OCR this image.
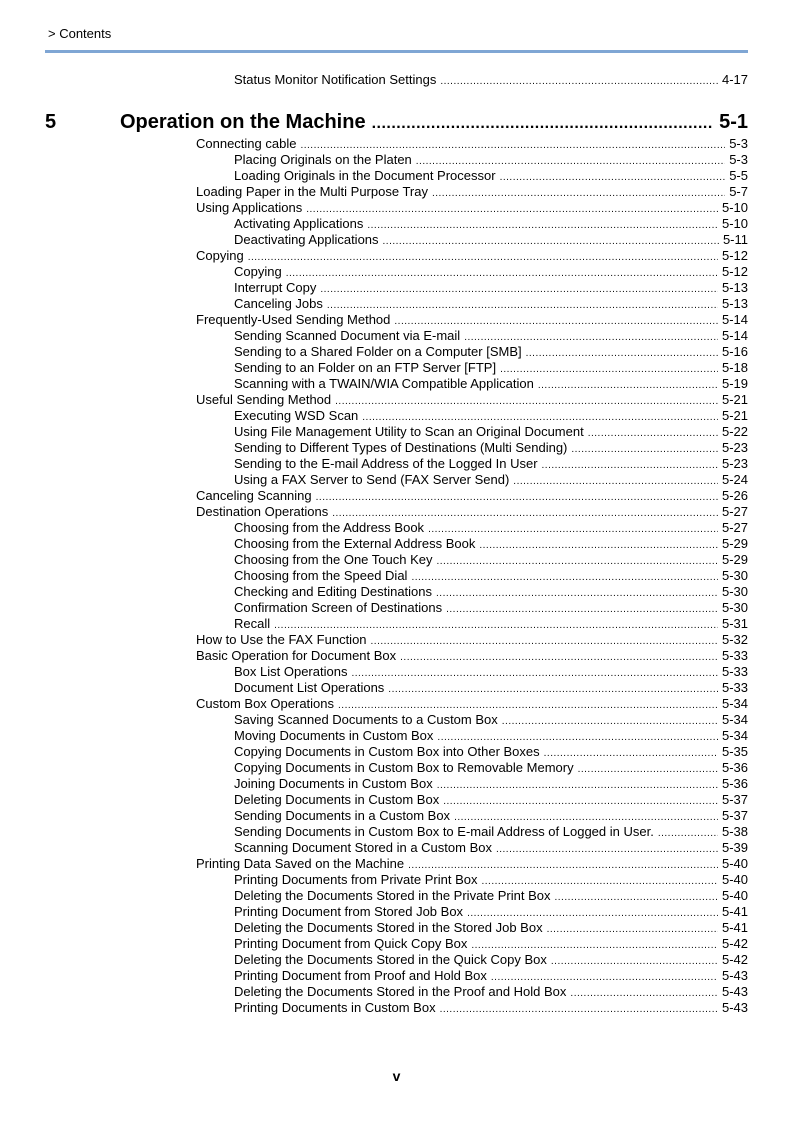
> Contents
Status Monitor Notification Settings .....	4-17
5	Operation on the Machine .....	5-1
Connecting cable .....	5-3
Placing Originals on the Platen .....	5-3
Loading Originals in the Document Processor .....	5-5
Loading Paper in the Multi Purpose Tray .....	5-7
Using Applications .....	5-10
Activating Applications .....	5-10
Deactivating Applications .....	5-11
Copying .....	5-12
Copying .....	5-12
Interrupt Copy .....	5-13
Canceling Jobs .....	5-13
Frequently-Used Sending Method .....	5-14
Sending Scanned Document via E-mail .....	5-14
Sending to a Shared Folder on a Computer [SMB] .....	5-16
Sending to an Folder on an FTP Server [FTP] .....	5-18
Scanning with a TWAIN/WIA Compatible Application .....	5-19
Useful Sending Method .....	5-21
Executing WSD Scan .....	5-21
Using File Management Utility to Scan an Original Document .....	5-22
Sending to Different Types of Destinations (Multi Sending) .....	5-23
Sending to the E-mail Address of the Logged In User .....	5-23
Using a FAX Server to Send (FAX Server Send) .....	5-24
Canceling Scanning .....	5-26
Destination Operations .....	5-27
Choosing from the Address Book .....	5-27
Choosing from the External Address Book .....	5-29
Choosing from the One Touch Key .....	5-29
Choosing from the Speed Dial .....	5-30
Checking and Editing Destinations .....	5-30
Confirmation Screen of Destinations .....	5-30
Recall .....	5-31
How to Use the FAX Function .....	5-32
Basic Operation for Document Box .....	5-33
Box List Operations .....	5-33
Document List Operations .....	5-33
Custom Box Operations .....	5-34
Saving Scanned Documents to a Custom Box .....	5-34
Moving Documents in Custom Box .....	5-34
Copying Documents in Custom Box into Other Boxes .....	5-35
Copying Documents in Custom Box to Removable Memory .....	5-36
Joining Documents in Custom Box .....	5-36
Deleting Documents in Custom Box .....	5-37
Sending Documents in a Custom Box .....	5-37
Sending Documents in Custom Box to E-mail Address of Logged in User. .....	5-38
Scanning Document Stored in a Custom Box .....	5-39
Printing Data Saved on the Machine .....	5-40
Printing Documents from Private Print Box .....	5-40
Deleting the Documents Stored in the Private Print Box .....	5-40
Printing Document from Stored Job Box .....	5-41
Deleting the Documents Stored in the Stored Job Box .....	5-41
Printing Document from Quick Copy Box .....	5-42
Deleting the Documents Stored in the Quick Copy Box .....	5-42
Printing Document from Proof and Hold Box .....	5-43
Deleting the Documents Stored in the Proof and Hold Box .....	5-43
Printing Documents in Custom Box .....	5-43
v
